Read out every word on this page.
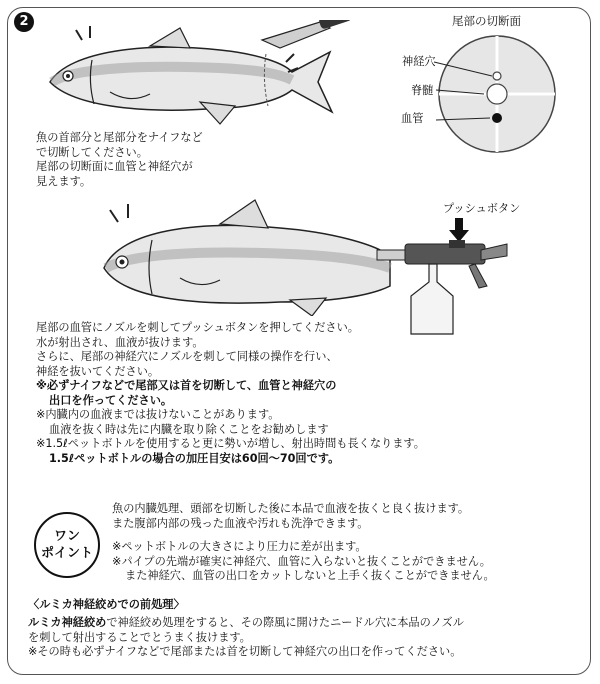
2
魚の首部分と尾部分をナイフなど
で切断してください。
尾部の切断面に血管と神経穴が
見えます。
尾部の切断面
神経穴
脊髄
血管
プッシュボタン
尾部の血管にノズルを刺してプッシュボタンを押してください。
水が射出され、血液が抜けます。
さらに、尾部の神経穴にノズルを刺して同様の操作を行い、
神経を抜いてください。
※必ずナイフなどで尾部又は首を切断して、血管と神経穴の
出口を作ってください。
※内臓内の血液までは抜けないことがあります。
血液を抜く時は先に内臓を取り除くことをお勧めします
※1.5ℓペットボトルを使用すると更に勢いが増し、射出時間も長くなります。
1.5ℓペットボトルの場合の加圧目安は60回〜70回です。
ワン
ポイント
魚の内臓処理、頭部を切断した後に本品で血液を抜くと良く抜けます。
また腹部内部の残った血液や汚れも洗浄できます。
※ペットボトルの大きさにより圧力に差が出ます。
※パイプの先端が確実に神経穴、血管に入らないと抜くことができません。
また神経穴、血管の出口をカットしないと上手く抜くことができません。
〈ルミカ神経絞めでの前処理〉
ルミカ神経絞めで神経絞め処理をすると、その際風に開けたニードル穴に本品のノズル
を刺して射出することでとうまく抜けます。
※その時も必ずナイフなどで尾部または首を切断して神経穴の出口を作ってください。
